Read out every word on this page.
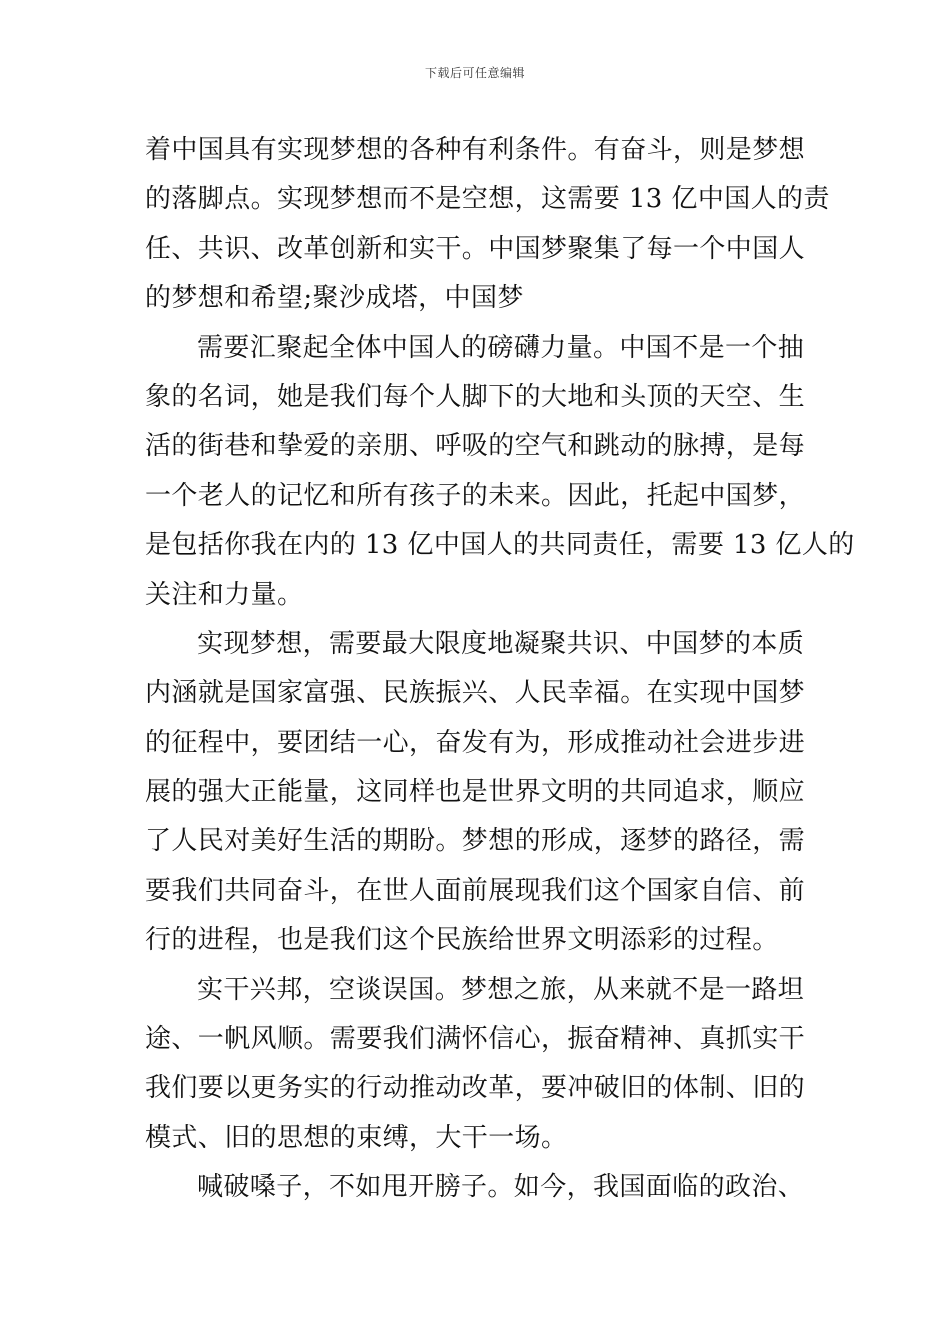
下载后可任意编辑
着中国具有实现梦想的各种有利条件。有奋斗，则是梦想
的落脚点。实现梦想而不是空想，这需要 13 亿中国人的责
任、共识、改革创新和实干。中国梦聚集了每一个中国人
的梦想和希望;聚沙成塔，中国梦
需要汇聚起全体中国人的磅礴力量。中国不是一个抽
象的名词，她是我们每个人脚下的大地和头顶的天空、生
活的街巷和挚爱的亲朋、呼吸的空气和跳动的脉搏，是每
一个老人的记忆和所有孩子的未来。因此，托起中国梦，
是包括你我在内的 13 亿中国人的共同责任，需要 13 亿人的
关注和力量。
实现梦想，需要最大限度地凝聚共识、中国梦的本质
内涵就是国家富强、民族振兴、人民幸福。在实现中国梦
的征程中，要团结一心，奋发有为，形成推动社会进步进
展的强大正能量，这同样也是世界文明的共同追求，顺应
了人民对美好生活的期盼。梦想的形成，逐梦的路径，需
要我们共同奋斗，在世人面前展现我们这个国家自信、前
行的进程，也是我们这个民族给世界文明添彩的过程。
实干兴邦，空谈误国。梦想之旅，从来就不是一路坦
途、一帆风顺。需要我们满怀信心，振奋精神、真抓实干
我们要以更务实的行动推动改革，要冲破旧的体制、旧的
模式、旧的思想的束缚，大干一场。
喊破嗓子，不如甩开膀子。如今，我国面临的政治、
